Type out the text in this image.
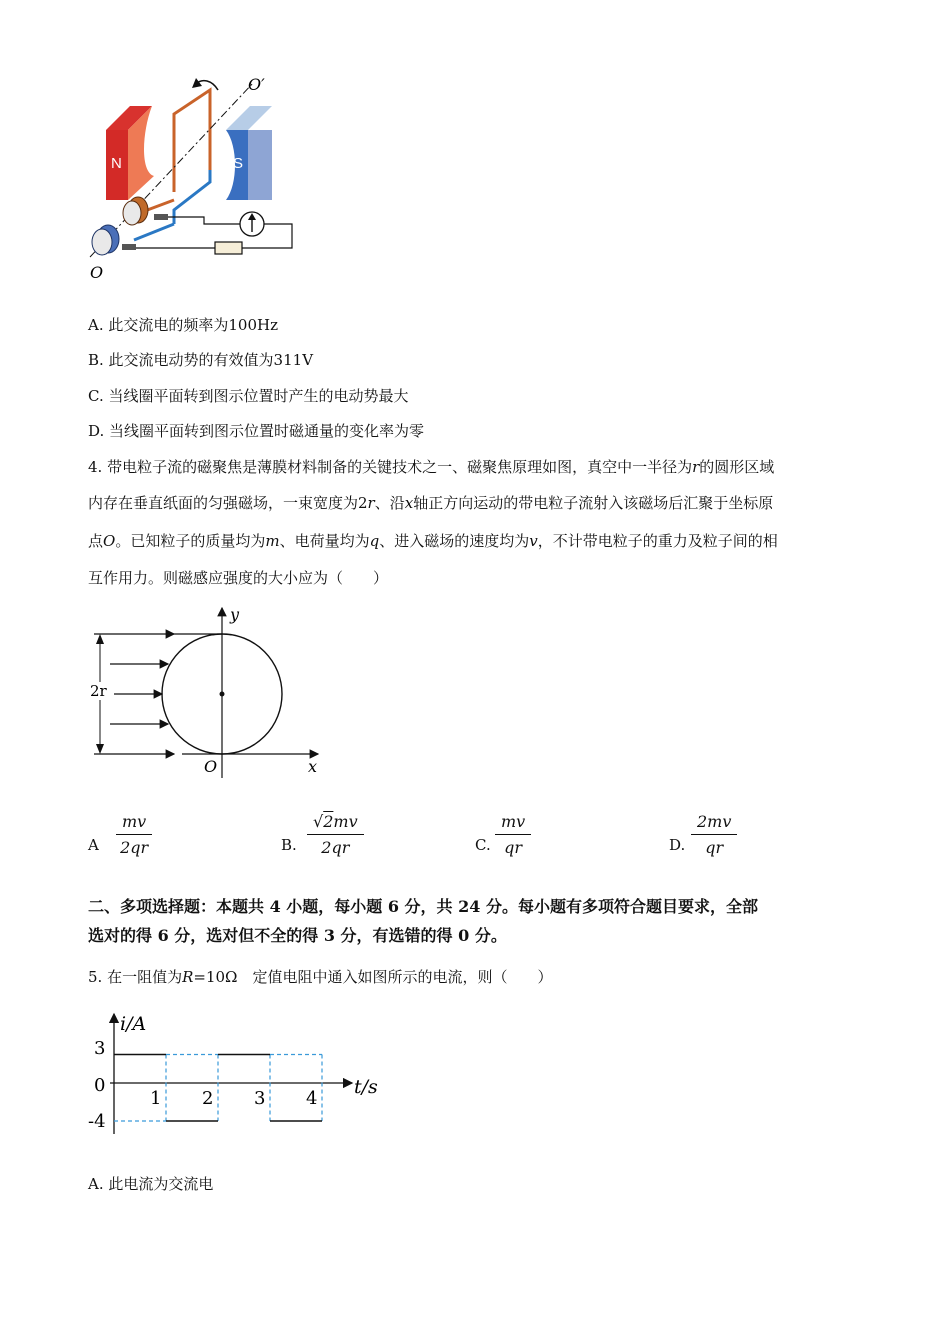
N	S
O′
O
A. 此交流电的频率为100Hz
B. 此交流电动势的有效值为311V
C. 当线圈平面转到图示位置时产生的电动势最大
D. 当线圈平面转到图示位置时磁通量的变化率为零
4. 带电粒子流的磁聚焦是薄膜材料制备的关键技术之一、磁聚焦原理如图，真空中一半径为r的圆形区域
内存在垂直纸面的匀强磁场，一束宽度为2r、沿x轴正方向运动的带电粒子流射入该磁场后汇聚于坐标原
点O。已知粒子的质量均为m、电荷量均为q、进入磁场的速度均为v，不计带电粒子的重力及粒子间的相
互作用力。则磁感应强度的大小应为（　　）
y
x
O
2r
A $\frac{mv}{2qr}$	B. $\frac{√2mv}{2qr}$	C. $\frac{mv}{qr}$	D. $\frac{2mv}{qr}$
二、多项选择题：本题共 4 小题，每小题 6 分，共 24 分。每小题有多项符合题目要求，全部
选对的得 6 分，选对但不全的得 3 分，有选错的得 0 分。
5. 在一阻值为R=10Ω　定值电阻中通入如图所示的电流，则（　　）
i/A
t/s
3
0
-4
1 2 3 4
A. 此电流为交流电
